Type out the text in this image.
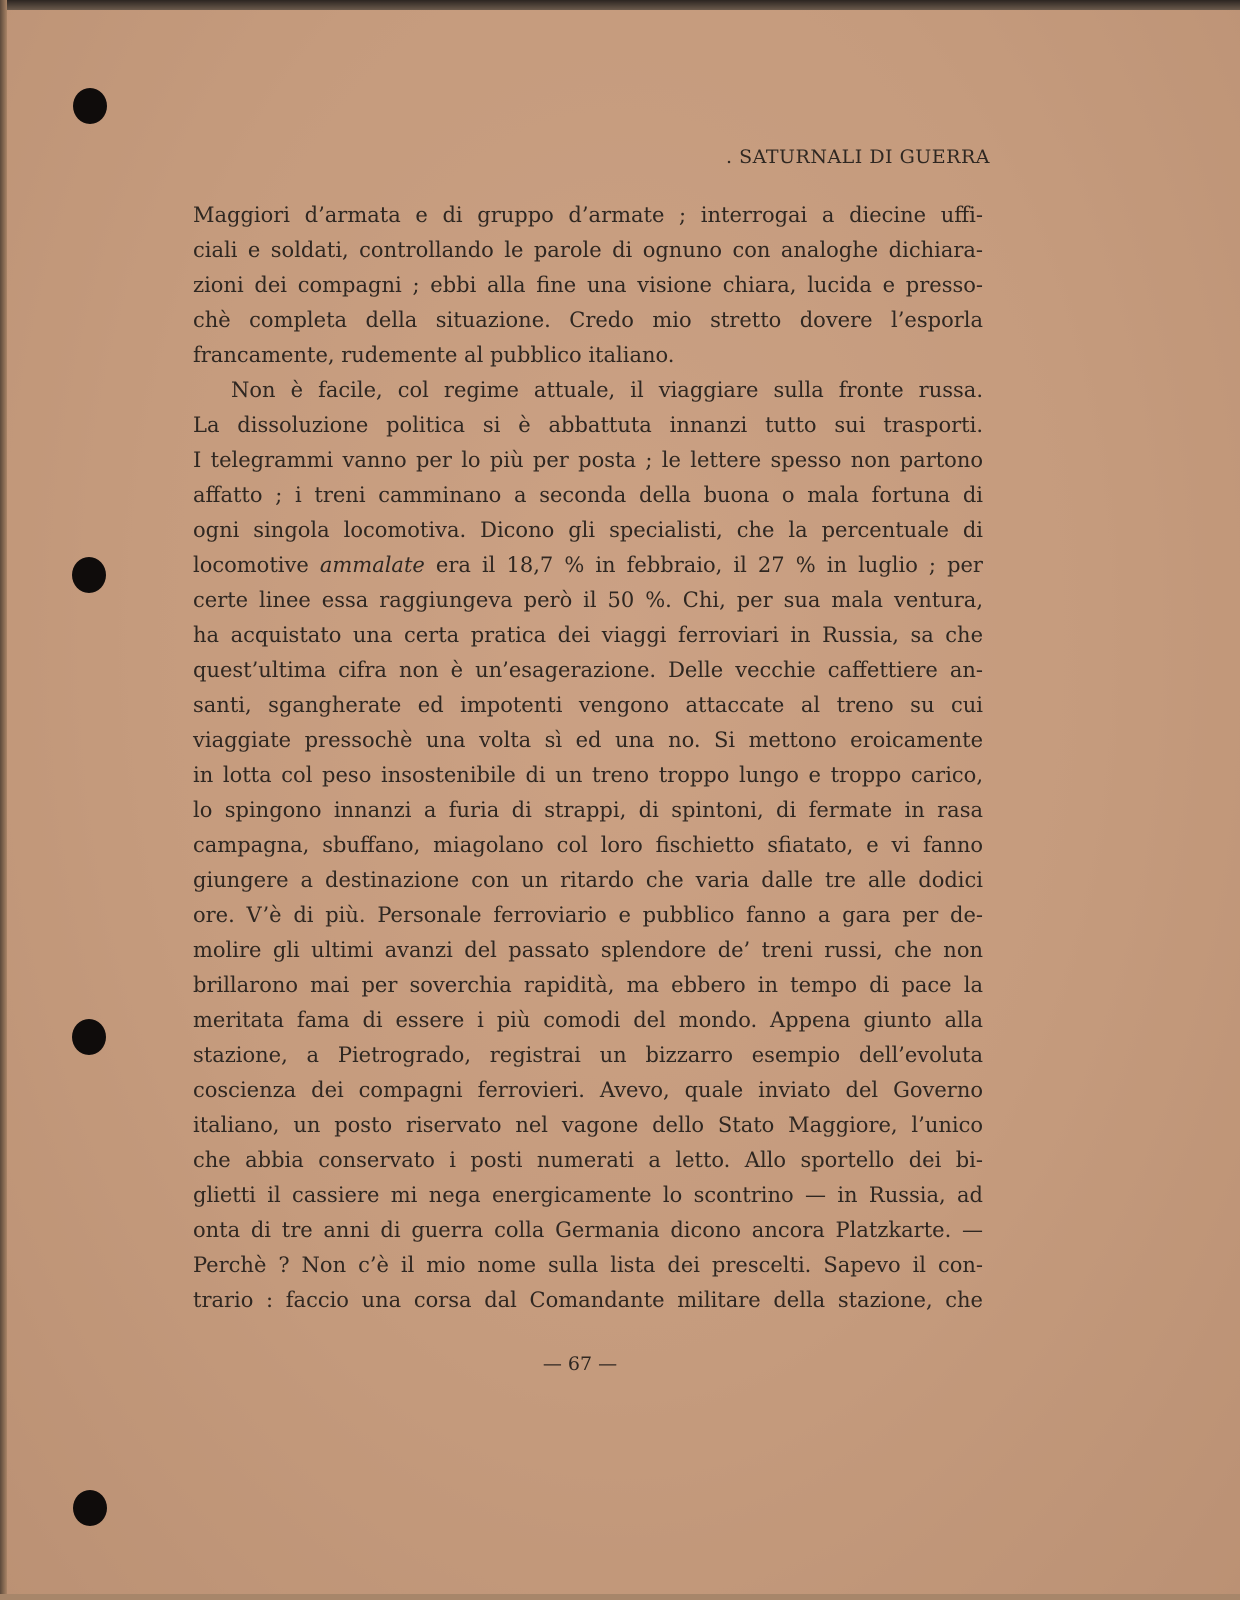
. SATURNALI DI GUERRA
Maggiori d’armata e di gruppo d’armate ; interrogai a diecine uffi-
ciali e soldati, controllando le parole di ognuno con analoghe dichiara-
zioni dei compagni ; ebbi alla fine una visione chiara, lucida e presso-
chè completa della situazione. Credo mio stretto dovere l’esporla
francamente, rudemente al pubblico italiano.
Non è facile, col regime attuale, il viaggiare sulla fronte russa.
La dissoluzione politica si è abbattuta innanzi tutto sui trasporti.
I telegrammi vanno per lo più per posta ; le lettere spesso non partono
affatto ; i treni camminano a seconda della buona o mala fortuna di
ogni singola locomotiva. Dicono gli specialisti, che la percentuale di
locomotive ammalate era il 18,7 % in febbraio, il 27 % in luglio ; per
certe linee essa raggiungeva però il 50 %. Chi, per sua mala ventura,
ha acquistato una certa pratica dei viaggi ferroviari in Russia, sa che
quest’ultima cifra non è un’esagerazione. Delle vecchie caffettiere an-
santi, sgangherate ed impotenti vengono attaccate al treno su cui
viaggiate pressochè una volta sì ed una no. Si mettono eroicamente
in lotta col peso insostenibile di un treno troppo lungo e troppo carico,
lo spingono innanzi a furia di strappi, di spintoni, di fermate in rasa
campagna, sbuffano, miagolano col loro fischietto sfiatato, e vi fanno
giungere a destinazione con un ritardo che varia dalle tre alle dodici
ore. V’è di più. Personale ferroviario e pubblico fanno a gara per de-
molire gli ultimi avanzi del passato splendore de’ treni russi, che non
brillarono mai per soverchia rapidità, ma ebbero in tempo di pace la
meritata fama di essere i più comodi del mondo. Appena giunto alla
stazione, a Pietrogrado, registrai un bizzarro esempio dell’evoluta
coscienza dei compagni ferrovieri. Avevo, quale inviato del Governo
italiano, un posto riservato nel vagone dello Stato Maggiore, l’unico
che abbia conservato i posti numerati a letto. Allo sportello dei bi-
glietti il cassiere mi nega energicamente lo scontrino — in Russia, ad
onta di tre anni di guerra colla Germania dicono ancora Platzkarte. —
Perchè ? Non c’è il mio nome sulla lista dei prescelti. Sapevo il con-
trario : faccio una corsa dal Comandante militare della stazione, che
— 67 —
